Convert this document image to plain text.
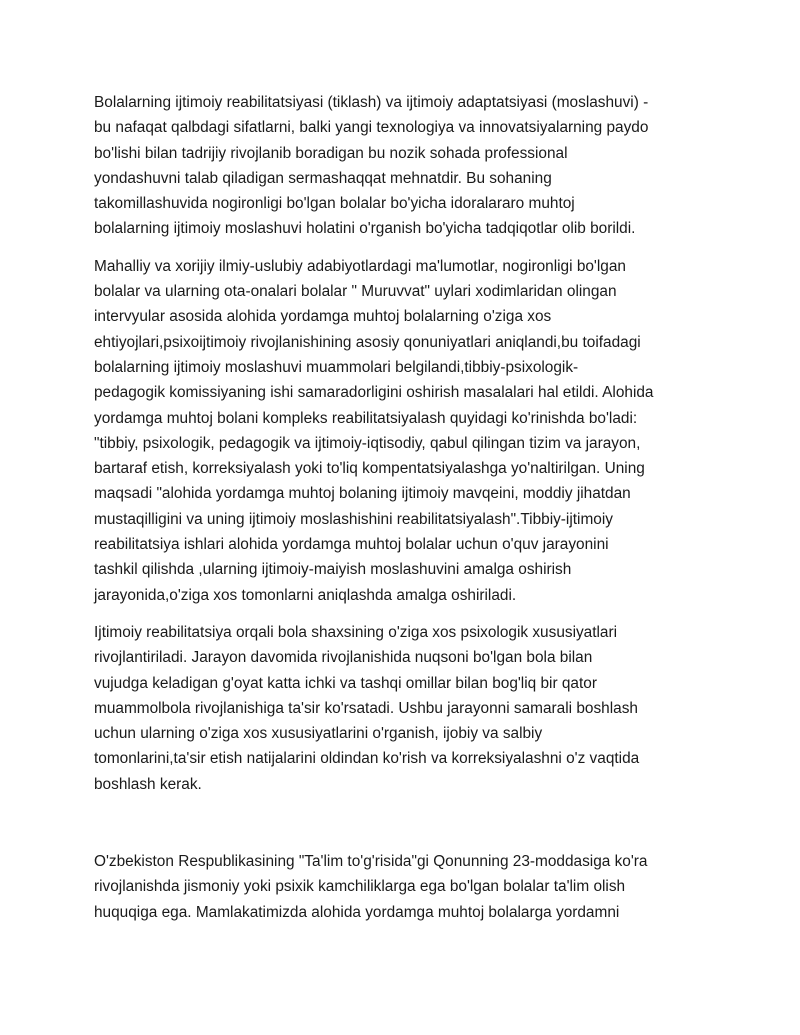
Bolalarning ijtimoiy reabilitatsiyasi (tiklash) va ijtimoiy adaptatsiyasi (moslashuvi) -
bu nafaqat qalbdagi sifatlarni, balki yangi texnologiya va innovatsiyalarning paydo
bo'lishi bilan tadrijiy rivojlanib boradigan bu nozik sohada professional
yondashuvni talab qiladigan sermashaqqat mehnatdir. Bu sohaning
takomillashuvida nogironligi bo'lgan bolalar bo'yicha idoralararo muhtoj
bolalarning ijtimoiy moslashuvi holatini o'rganish bo'yicha tadqiqotlar olib borildi.
Mahalliy va xorijiy ilmiy-uslubiy adabiyotlardagi ma'lumotlar, nogironligi bo'lgan
bolalar va ularning ota-onalari bolalar " Muruvvat" uylari xodimlaridan olingan
intervyular asosida alohida yordamga muhtoj bolalarning o'ziga xos
ehtiyojlari,psixoijtimoiy rivojlanishining asosiy qonuniyatlari aniqlandi,bu toifadagi
bolalarning ijtimoiy moslashuvi muammolari belgilandi,tibbiy-psixologik-
pedagogik komissiyaning ishi samaradorligini oshirish masalalari hal etildi. Alohida
yordamga muhtoj bolani kompleks reabilitatsiyalash quyidagi ko'rinishda bo'ladi:
"tibbiy, psixologik, pedagogik va ijtimoiy-iqtisodiy, qabul qilingan tizim va jarayon,
bartaraf etish, korreksiyalash yoki to'liq kompentatsiyalashga yo'naltirilgan. Uning
maqsadi "alohida yordamga muhtoj bolaning ijtimoiy mavqeini, moddiy jihatdan
mustaqilligini va uning ijtimoiy moslashishini reabilitatsiyalash".Tibbiy-ijtimoiy
reabilitatsiya ishlari alohida yordamga muhtoj bolalar uchun o'quv jarayonini
tashkil qilishda ,ularning ijtimoiy-maiyish moslashuvini amalga oshirish
jarayonida,o'ziga xos tomonlarni aniqlashda amalga oshiriladi.
Ijtimoiy reabilitatsiya orqali bola shaxsining o'ziga xos psixologik xususiyatlari
rivojlantiriladi. Jarayon davomida rivojlanishida nuqsoni bo'lgan bola bilan
vujudga keladigan g'oyat katta ichki va tashqi omillar bilan bog'liq bir qator
muammolbola rivojlanishiga ta'sir ko'rsatadi. Ushbu jarayonni samarali boshlash
uchun ularning o'ziga xos xususiyatlarini o'rganish, ijobiy va salbiy
tomonlarini,ta'sir etish natijalarini oldindan ko'rish va korreksiyalashni o'z vaqtida
boshlash kerak.
O'zbekiston Respublikasining "Ta'lim to'g'risida"gi Qonunning 23-moddasiga ko'ra
rivojlanishda jismoniy yoki psixik kamchiliklarga ega bo'lgan bolalar ta'lim olish
huquqiga ega. Mamlakatimizda alohida yordamga muhtoj bolalarga yordamni
